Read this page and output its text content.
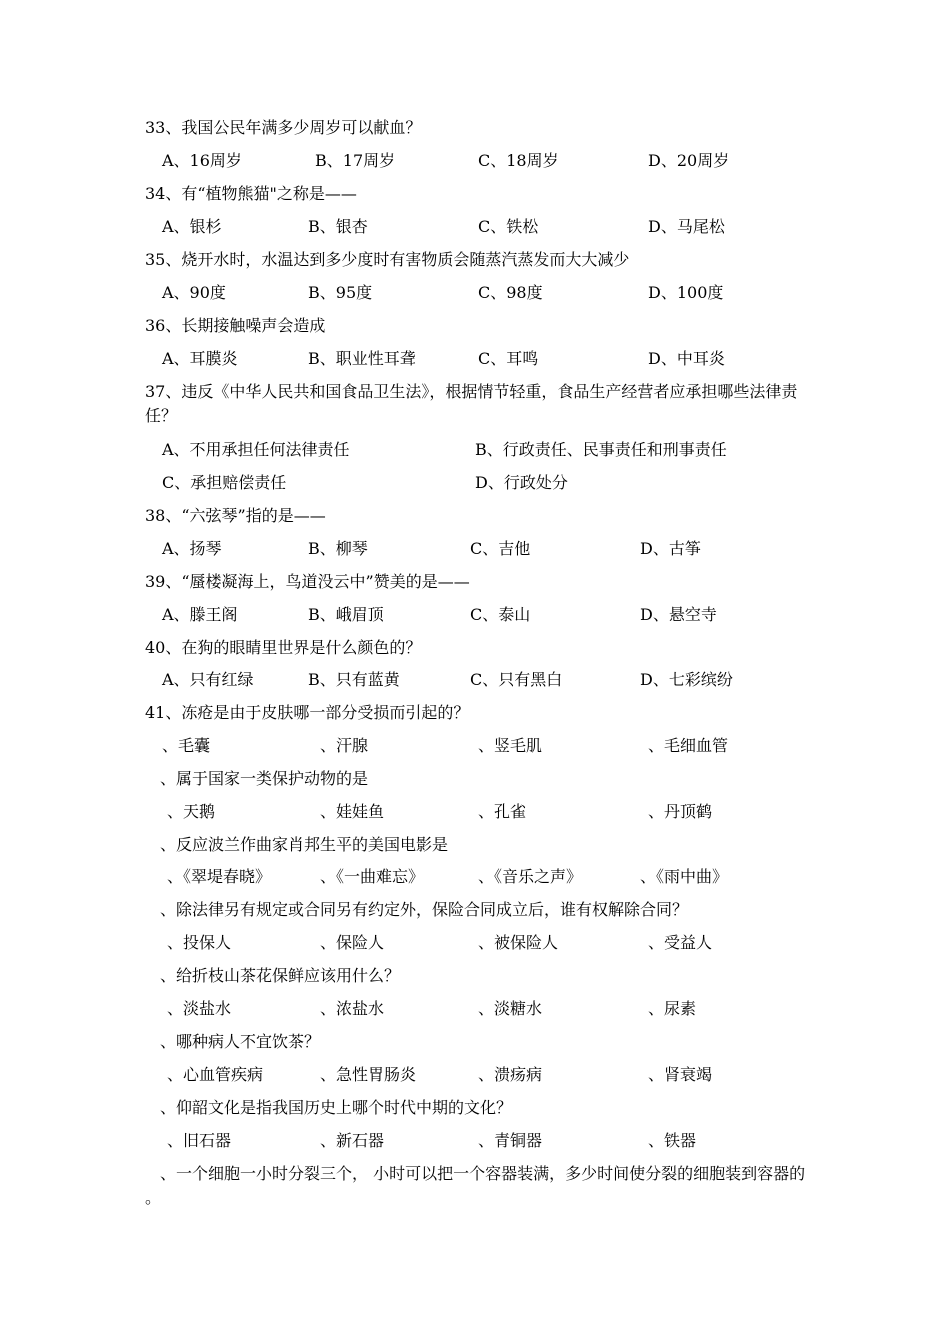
33、我国公民年满多少周岁可以献血？
A、16周岁	B、17周岁	C、18周岁	D、20周岁
34、有“植物熊猫"之称是——
A、银杉	B、银杏	C、铁松	D、马尾松
35、烧开水时，水温达到多少度时有害物质会随蒸汽蒸发而大大减少
A、90度	B、95度	C、98度	D、100度
36、长期接触噪声会造成
A、耳膜炎	B、职业性耳聋	C、耳鸣	D、中耳炎
37、违反《中华人民共和国食品卫生法》，根据情节轻重，食品生产经营者应承担哪些法律责任？
A、不用承担任何法律责任	B、行政责任、民事责任和刑事责任
C、承担赔偿责任	D、行政处分
38、“六弦琴”指的是——
A、扬琴	B、柳琴	C、吉他	D、古筝
39、“蜃楼凝海上，鸟道没云中”赞美的是——
A、滕王阁	B、峨眉顶	C、泰山	D、悬空寺
40、在狗的眼睛里世界是什么颜色的？
A、只有红绿	B、只有蓝黄	C、只有黑白	D、七彩缤纷
41、冻疮是由于皮肤哪一部分受损而引起的？
、毛囊	、汗腺	、竖毛肌	、毛细血管
、属于国家一类保护动物的是
、天鹅	、娃娃鱼	、孔雀	、丹顶鹤
、反应波兰作曲家肖邦生平的美国电影是
、《翠堤春晓》	、《一曲难忘》	、《音乐之声》	、《雨中曲》
、除法律另有规定或合同另有约定外，保险合同成立后，谁有权解除合同？
、投保人	、保险人	、被保险人	、受益人
、给折枝山茶花保鲜应该用什么？
、淡盐水	、浓盐水	、淡糖水	、尿素
、哪种病人不宜饮茶？
、心血管疾病	、急性胃肠炎	、溃疡病	、肾衰竭
、仰韶文化是指我国历史上哪个时代中期的文化？
、旧石器	、新石器	、青铜器	、铁器
、一个细胞一小时分裂三个， 小时可以把一个容器装满，多少时间使分裂的细胞装到容器的 。
